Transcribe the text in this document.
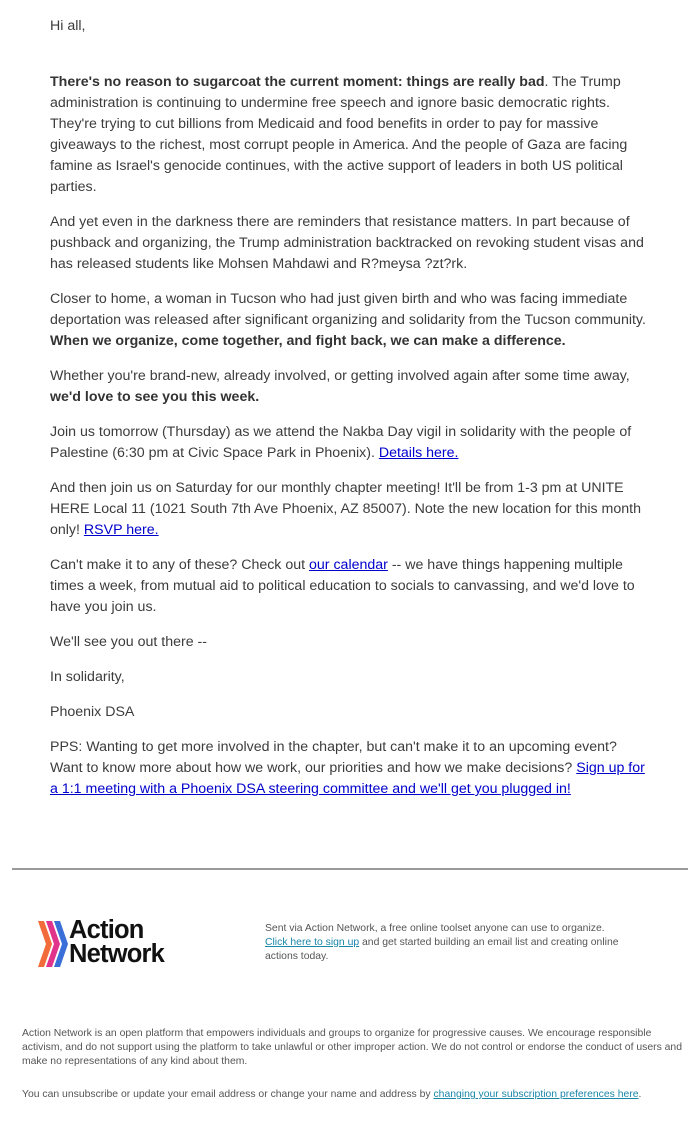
Hi all,

There's no reason to sugarcoat the current moment: things are really bad. The Trump administration is continuing to undermine free speech and ignore basic democratic rights. They're trying to cut billions from Medicaid and food benefits in order to pay for massive giveaways to the richest, most corrupt people in America. And the people of Gaza are facing famine as Israel's genocide continues, with the active support of leaders in both US political parties.

And yet even in the darkness there are reminders that resistance matters. In part because of pushback and organizing, the Trump administration backtracked on revoking student visas and has released students like Mohsen Mahdawi and R?meysa ?zt?rk.

Closer to home, a woman in Tucson who had just given birth and who was facing immediate deportation was released after significant organizing and solidarity from the Tucson community. When we organize, come together, and fight back, we can make a difference.

Whether you're brand-new, already involved, or getting involved again after some time away, we'd love to see you this week.

Join us tomorrow (Thursday) as we attend the Nakba Day vigil in solidarity with the people of Palestine (6:30 pm at Civic Space Park in Phoenix). Details here.

And then join us on Saturday for our monthly chapter meeting! It'll be from 1-3 pm at UNITE HERE Local 11 (1021 South 7th Ave Phoenix, AZ 85007). Note the new location for this month only! RSVP here.

Can't make it to any of these? Check out our calendar -- we have things happening multiple times a week, from mutual aid to political education to socials to canvassing, and we'd love to have you join us.

We'll see you out there --

In solidarity,

Phoenix DSA

PPS: Wanting to get more involved in the chapter, but can't make it to an upcoming event? Want to know more about how we work, our priorities and how we make decisions? Sign up for a 1:1 meeting with a Phoenix DSA steering committee and we'll get you plugged in!

Action
Network
Sent via Action Network, a free online toolset anyone can use to organize.
Click here to sign up and get started building an email list and creating online actions today.
Action Network is an open platform that empowers individuals and groups to organize for progressive causes. We encourage responsible activism, and do not support using the platform to take unlawful or other improper action. We do not control or endorse the conduct of users and make no representations of any kind about them.
You can unsubscribe or update your email address or change your name and address by changing your subscription preferences here.
